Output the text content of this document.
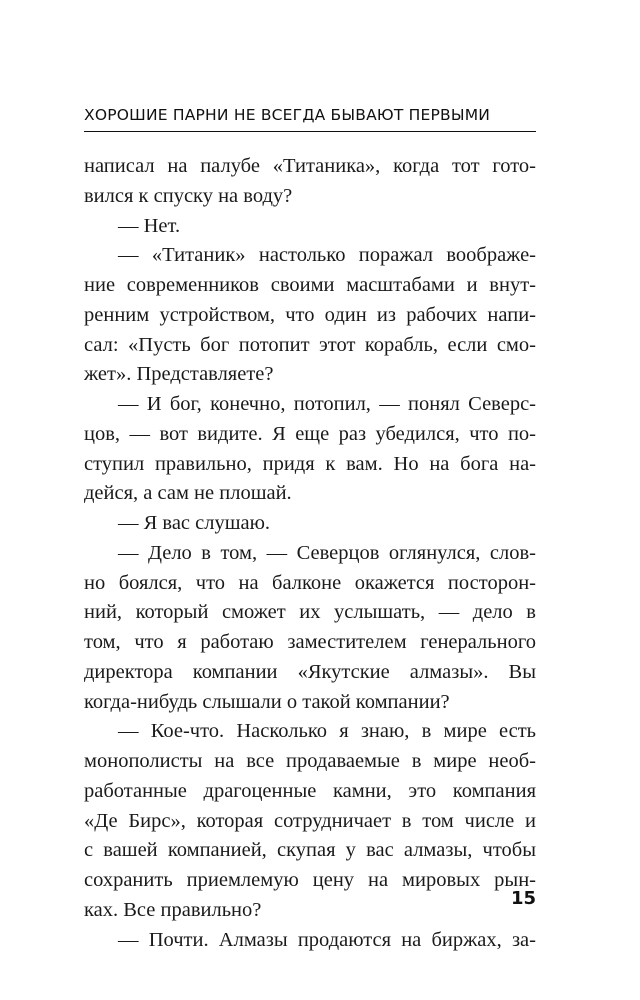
ХОРОШИЕ ПАРНИ НЕ ВСЕГДА БЫВАЮТ ПЕРВЫМИ
написал на палубе «Титаника», когда тот гото-
вился к спуску на воду?
— Нет.
— «Титаник» настолько поражал воображе-
ние современников своими масштабами и внут-
ренним устройством, что один из рабочих напи-
сал: «Пусть бог потопит этот корабль, если смо-
жет». Представляете?
— И бог, конечно, потопил, — понял Северс-
цов, — вот видите. Я еще раз убедился, что по-
ступил правильно, придя к вам. Но на бога на-
дейся, а сам не плошай.
— Я вас слушаю.
— Дело в том, — Северцов оглянулся, слов-
но боялся, что на балконе окажется посторон-
ний, который сможет их услышать, — дело в
том, что я работаю заместителем генерального
директора компании «Якутские алмазы». Вы
когда-нибудь слышали о такой компании?
— Кое-что. Насколько я знаю, в мире есть
монополисты на все продаваемые в мире необ-
работанные драгоценные камни, это компания
«Де Бирс», которая сотрудничает в том числе и
с вашей компанией, скупая у вас алмазы, чтобы
сохранить приемлемую цену на мировых рын-
ках. Все правильно?
— Почти. Алмазы продаются на биржах, за-
15
